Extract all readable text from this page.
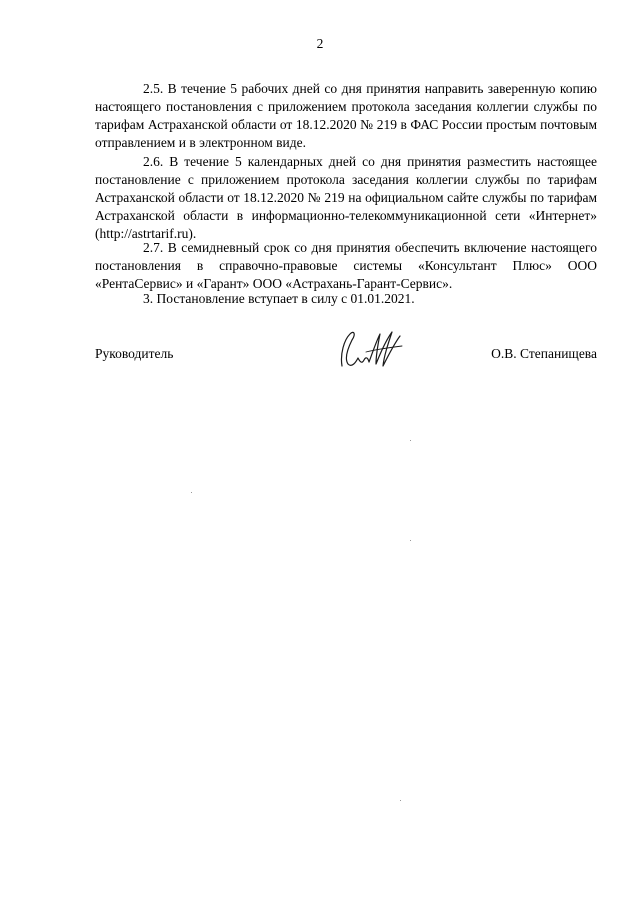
2

2.5. В течение 5 рабочих дней со дня принятия направить заверенную копию настоящего постановления с приложением протокола заседания коллегии службы по тарифам Астраханской области от 18.12.2020 № 219 в ФАС России простым почтовым отправлением и в электронном виде.

2.6. В течение 5 календарных дней со дня принятия разместить настоящее постановление с приложением протокола заседания коллегии службы по тарифам Астраханской области от 18.12.2020 № 219 на официальном сайте службы по тарифам Астраханской области в информационно-телекоммуникационной сети «Интернет» (http://astrtarif.ru).

2.7. В семидневный срок со дня принятия обеспечить включение настоящего постановления в справочно-правовые системы «Консультант Плюс» ООО «РентаСервис» и «Гарант» ООО «Астрахань-Гарант-Сервис».

3. Постановление вступает в силу с 01.01.2021.

Руководитель	О.В. Степанищева
